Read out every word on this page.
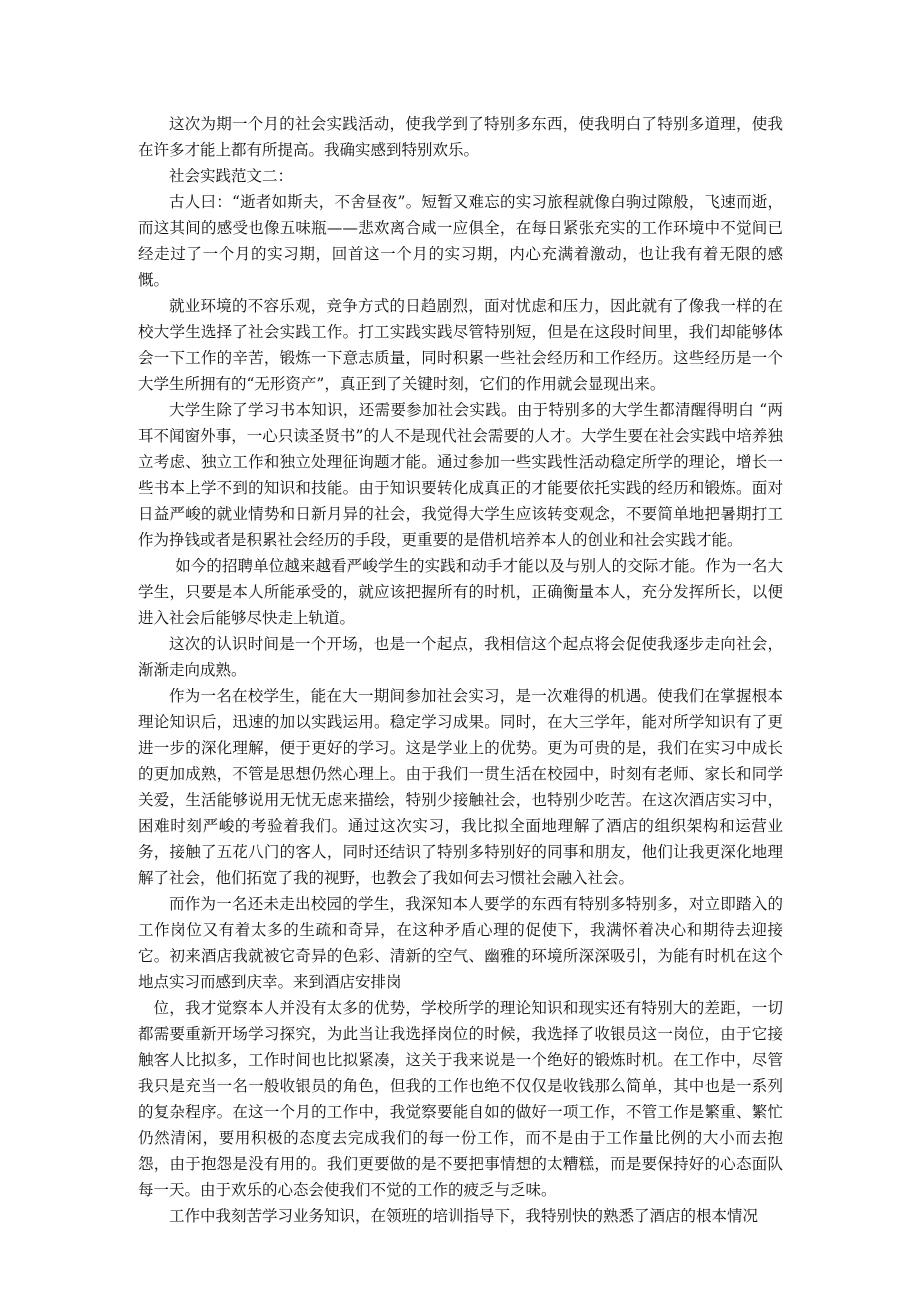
这次为期一个月的社会实践活动，使我学到了特别多东西，使我明白了特别多道理，使我在许多才能上都有所提高。我确实感到特别欢乐。

社会实践范文二：

古人曰：“逝者如斯夫，不舍昼夜”。短暂又难忘的实习旅程就像白驹过隙般，飞速而逝，而这其间的感受也像五味瓶——悲欢离合咸一应俱全，在每日紧张充实的工作环境中不觉间已经走过了一个月的实习期，回首这一个月的实习期，内心充满着激动，也让我有着无限的感慨。

就业环境的不容乐观，竞争方式的日趋剧烈，面对忧虑和压力，因此就有了像我一样的在校大学生选择了社会实践工作。打工实践实践尽管特别短，但是在这段时间里，我们却能够体会一下工作的辛苦，锻炼一下意志质量，同时积累一些社会经历和工作经历。这些经历是一个大学生所拥有的“无形资产”，真正到了关键时刻，它们的作用就会显现出来。

大学生除了学习书本知识，还需要参加社会实践。由于特别多的大学生都清醒得明白 “两耳不闻窗外事，一心只读圣贤书”的人不是现代社会需要的人才。大学生要在社会实践中培养独立考虑、独立工作和独立处理征询题才能。通过参加一些实践性活动稳定所学的理论，增长一些书本上学不到的知识和技能。由于知识要转化成真正的才能要依托实践的经历和锻炼。面对日益严峻的就业情势和日新月异的社会，我觉得大学生应该转变观念，不要简单地把暑期打工作为挣钱或者是积累社会经历的手段，更重要的是借机培养本人的创业和社会实践才能。

如今的招聘单位越来越看严峻学生的实践和动手才能以及与别人的交际才能。作为一名大学生，只要是本人所能承受的，就应该把握所有的时机，正确衡量本人，充分发挥所长，以便进入社会后能够尽快走上轨道。

这次的认识时间是一个开场，也是一个起点，我相信这个起点将会促使我逐步走向社会，渐渐走向成熟。

作为一名在校学生，能在大一期间参加社会实习，是一次难得的机遇。使我们在掌握根本理论知识后，迅速的加以实践运用。稳定学习成果。同时，在大三学年，能对所学知识有了更进一步的深化理解，便于更好的学习。这是学业上的优势。更为可贵的是，我们在实习中成长的更加成熟，不管是思想仍然心理上。由于我们一贯生活在校园中，时刻有老师、家长和同学关爱，生活能够说用无忧无虑来描绘，特别少接触社会，也特别少吃苦。在这次酒店实习中，困难时刻严峻的考验着我们。通过这次实习，我比拟全面地理解了酒店的组织架构和运营业务，接触了五花八门的客人，同时还结识了特别多特别好的同事和朋友，他们让我更深化地理解了社会，他们拓宽了我的视野，也教会了我如何去习惯社会融入社会。

而作为一名还未走出校园的学生，我深知本人要学的东西有特别多特别多，对立即踏入的工作岗位又有着太多的生疏和奇异，在这种矛盾心理的促使下，我满怀着决心和期待去迎接它。初来酒店我就被它奇异的色彩、清新的空气、幽雅的环境所深深吸引，为能有时机在这个地点实习而感到庆幸。来到酒店安排岗

位，我才觉察本人并没有太多的优势，学校所学的理论知识和现实还有特别大的差距，一切都需要重新开场学习探究，为此当让我选择岗位的时候，我选择了收银员这一岗位，由于它接触客人比拟多，工作时间也比拟紧凑，这关于我来说是一个绝好的锻炼时机。在工作中，尽管我只是充当一名一般收银员的角色，但我的工作也绝不仅仅是收钱那么简单，其中也是一系列的复杂程序。在这一个月的工作中，我觉察要能自如的做好一项工作，不管工作是繁重、繁忙仍然清闲，要用积极的态度去完成我们的每一份工作，而不是由于工作量比例的大小而去抱怨，由于抱怨是没有用的。我们更要做的是不要把事情想的太糟糕，而是要保持好的心态面队每一天。由于欢乐的心态会使我们不觉的工作的疲乏与乏味。

工作中我刻苦学习业务知识，在领班的培训指导下，我特别快的熟悉了酒店的根本情况
